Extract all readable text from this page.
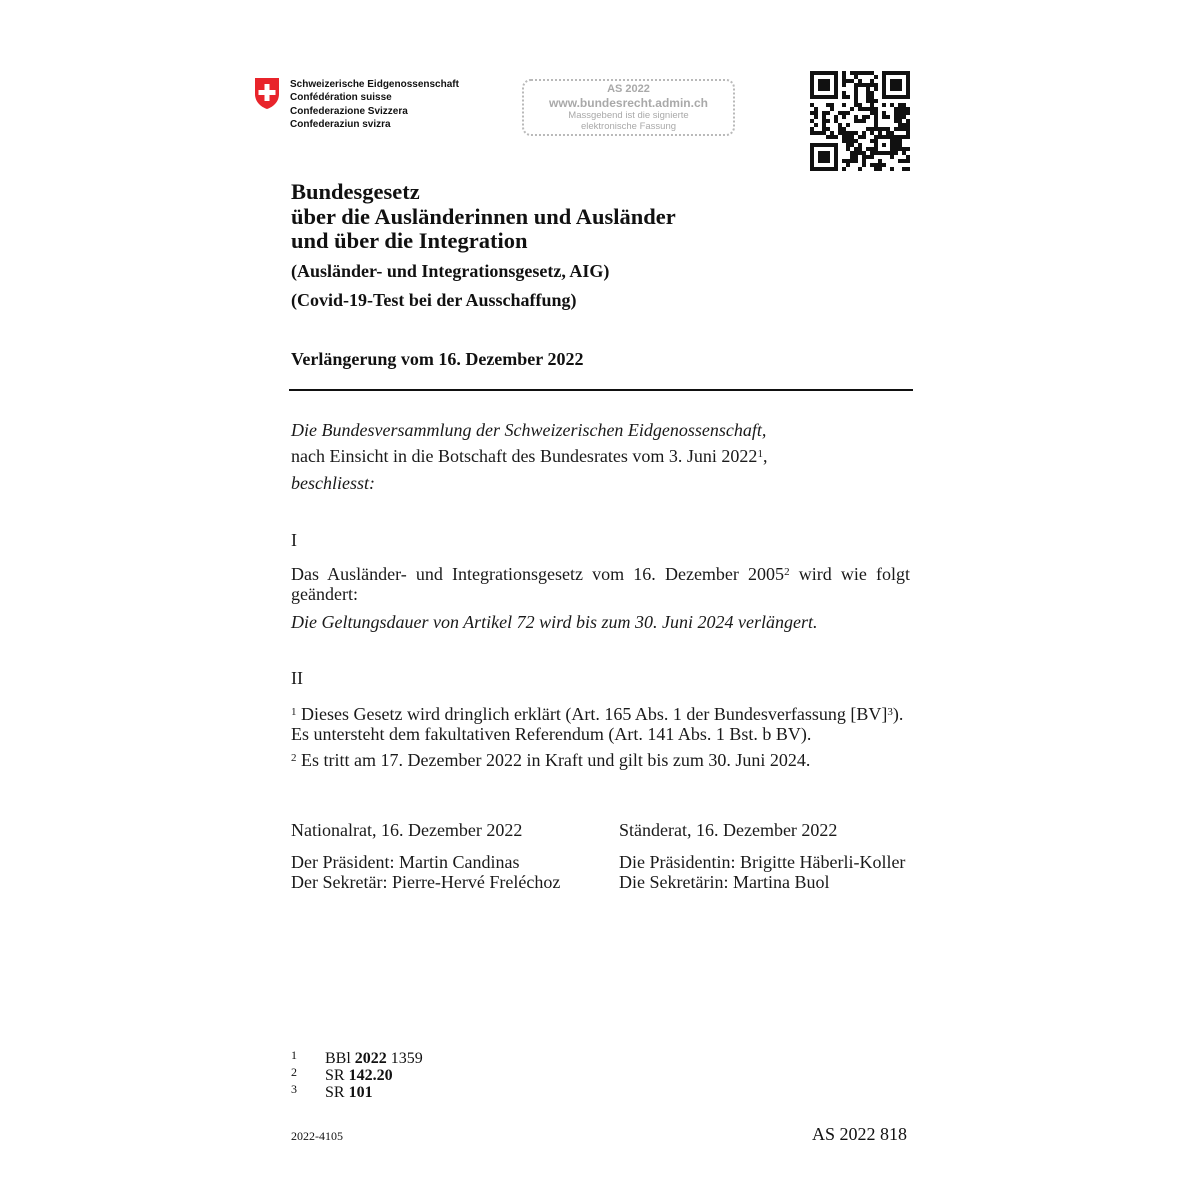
Schweizerische Eidgenossenschaft
Confédération suisse
Confederazione Svizzera
Confederaziun svizra
AS 2022
www.bundesrecht.admin.ch
Massgebend ist die signierte
elektronische Fassung
Bundesgesetz
über die Ausländerinnen und Ausländer
und über die Integration
(Ausländer- und Integrationsgesetz, AIG)
(Covid-19-Test bei der Ausschaffung)
Verlängerung vom 16. Dezember 2022
Die Bundesversammlung der Schweizerischen Eidgenossenschaft,
nach Einsicht in die Botschaft des Bundesrates vom 3. Juni 2022$^1$,
beschliesst:
I
Das Ausländer- und Integrationsgesetz vom 16. Dezember 2005$^2$ wird wie folgt geändert:
Die Geltungsdauer von Artikel 72 wird bis zum 30. Juni 2024 verlängert.
II
$^1$ Dieses Gesetz wird dringlich erklärt (Art. 165 Abs. 1 der Bundesverfassung [BV]$^3$).
Es untersteht dem fakultativen Referendum (Art. 141 Abs. 1 Bst. b BV).
$^2$ Es tritt am 17. Dezember 2022 in Kraft und gilt bis zum 30. Juni 2024.
Nationalrat, 16. Dezember 2022
Der Präsident: Martin Candinas
Der Sekretär: Pierre-Hervé Freléchoz
Ständerat, 16. Dezember 2022
Die Präsidentin: Brigitte Häberli-Koller
Die Sekretärin: Martina Buol
1 BBl 2022 1359
2 SR 142.20
3 SR 101
2022-4105	AS 2022 818
